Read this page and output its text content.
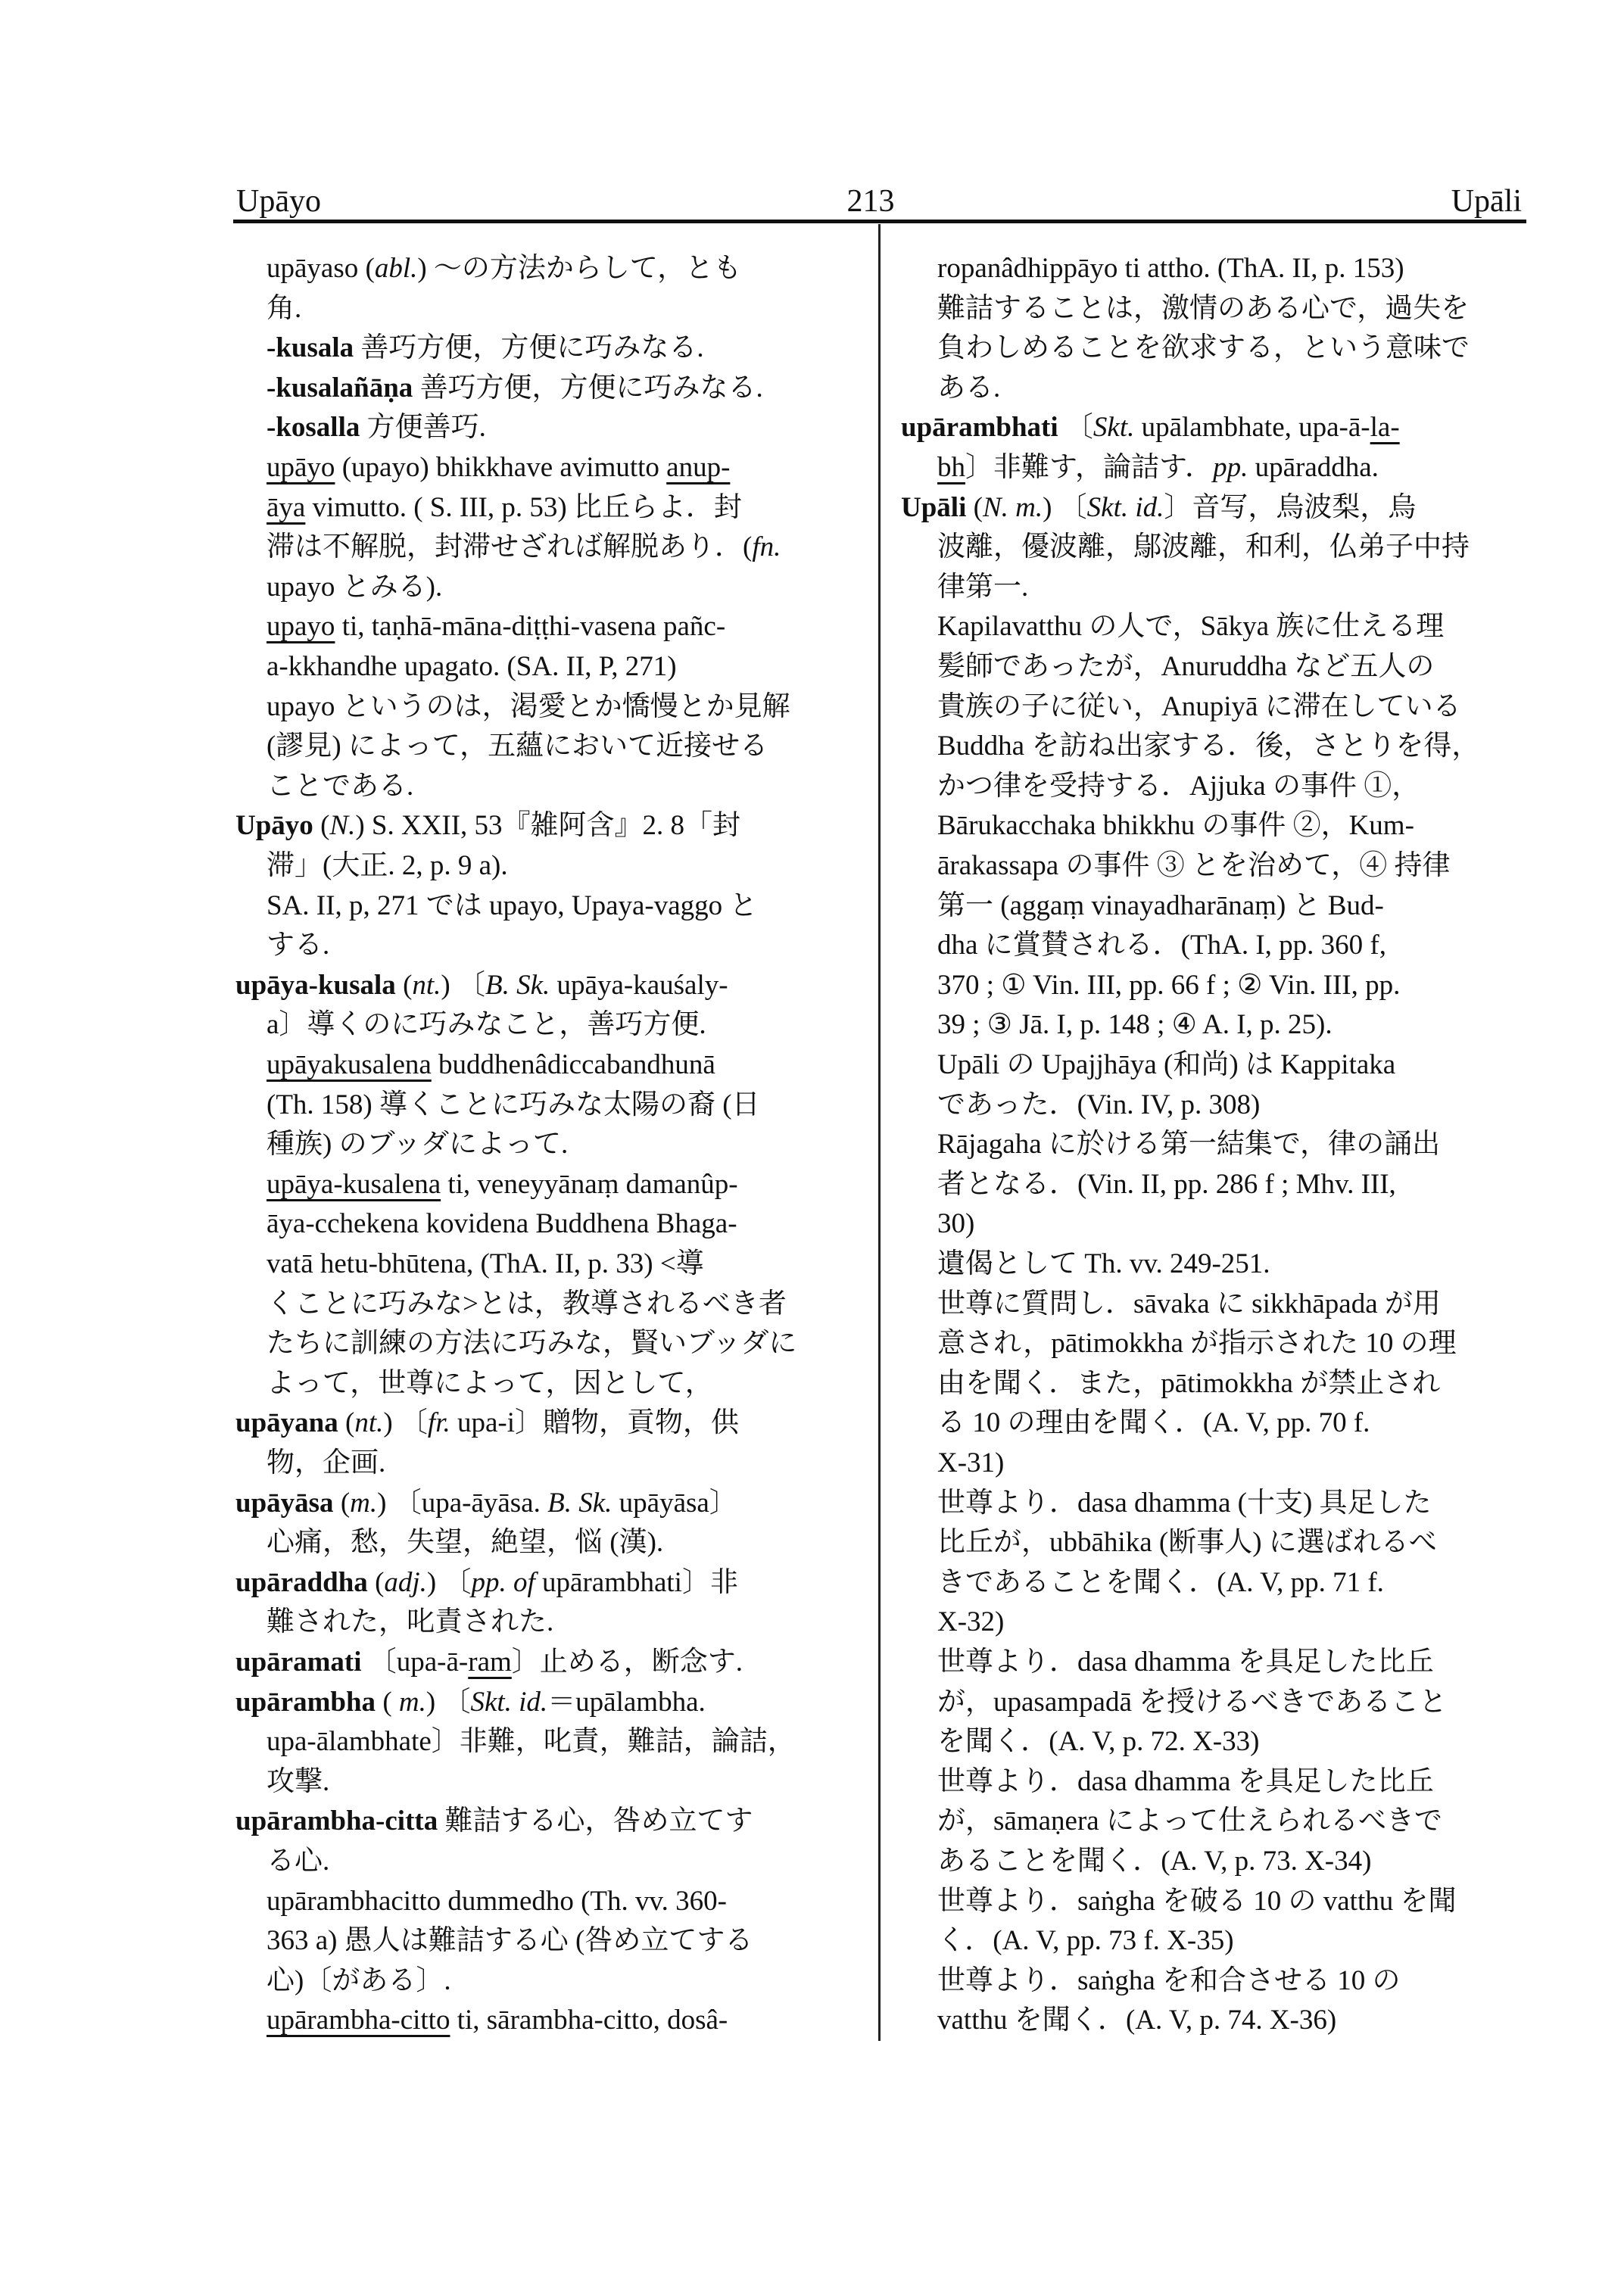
Upāyo	213	Upāli
upāyaso (abl.) ～の方法からして，とも
角.
-kusala 善巧方便，方便に巧みなる.
-kusalañāṇa 善巧方便，方便に巧みなる.
-kosalla 方便善巧.
upāyo (upayo) bhikkhave avimutto anup-
āya vimutto. ( S. III, p. 53) 比丘らよ．封
滞は不解脱，封滞せざれば解脱あり．(fn.
upayo とみる).
upayo ti, taṇhā-māna-diṭṭhi-vasena pañc-
a-kkhandhe upagato. (SA. II, P, 271)
upayo というのは，渇愛とか憍慢とか見解
(謬見) によって，五蘊において近接せる
ことである.
Upāyo (N.) S. XXII, 53『雑阿含』2. 8「封
滞」(大正. 2, p. 9 a).
SA. II, p, 271 では upayo, Upaya-vaggo と
する.
upāya-kusala (nt.) 〔B. Sk. upāya-kauśaly-
a〕導くのに巧みなこと，善巧方便.
upāyakusalena buddhenâdiccabandhunā
(Th. 158) 導くことに巧みな太陽の裔 (日
種族) のブッダによって.
upāya-kusalena ti, veneyyānaṃ damanûp-
āya-cchekena kovidena Buddhena Bhaga-
vatā hetu-bhūtena, (ThA. II, p. 33) <導
くことに巧みな>とは，教導されるべき者
たちに訓練の方法に巧みな，賢いブッダに
よって，世尊によって，因として，
upāyana (nt.) 〔fr. upa-i〕贈物，貢物，供
物，企画.
upāyāsa (m.) 〔upa-āyāsa. B. Sk. upāyāsa〕
心痛，愁，失望，絶望，悩 (漢).
upāraddha (adj.) 〔pp. of upārambhati〕非
難された，叱責された.
upāramati 〔upa-ā-ram〕止める，断念す.
upārambha ( m.) 〔Skt. id.＝upālambha.
upa-ālambhate〕非難，叱責，難詰，論詰，
攻撃.
upārambha-citta 難詰する心，咎め立てす
る心.
upārambhacitto dummedho (Th. vv. 360-
363 a) 愚人は難詰する心 (咎め立てする
心)〔がある〕.
upārambha-citto ti, sārambha-citto, dosâ-
ropanâdhippāyo ti attho. (ThA. II, p. 153)
難詰することは，激情のある心で，過失を
負わしめることを欲求する，という意味で
ある.
upārambhati 〔Skt. upālambhate, upa-ā-la-
bh〕非難す，論詰す．pp. upāraddha.
Upāli (N. m.) 〔Skt. id.〕音写，烏波梨，烏
波離，優波離，鄔波離，和利，仏弟子中持
律第一.
Kapilavatthu の人で，Sākya 族に仕える理
髪師であったが，Anuruddha など五人の
貴族の子に従い，Anupiyā に滞在している
Buddha を訪ね出家する．後，さとりを得，
かつ律を受持する．Ajjuka の事件 ①，
Bārukacchaka bhikkhu の事件 ②，Kum-
ārakassapa の事件 ③ とを治めて，④ 持律
第一 (aggaṃ vinayadharānaṃ) と Bud-
dha に賞賛される．(ThA. I, pp. 360 f,
370 ; ① Vin. III, pp. 66 f ; ② Vin. III, pp.
39 ; ③ Jā. I, p. 148 ; ④ A. I, p. 25).
Upāli の Upajjhāya (和尚) は Kappitaka
であった．(Vin. IV, p. 308)
Rājagaha に於ける第一結集で，律の誦出
者となる．(Vin. II, pp. 286 f ; Mhv. III,
30)
遺偈として Th. vv. 249-251.
世尊に質問し．sāvaka に sikkhāpada が用
意され，pātimokkha が指示された 10 の理
由を聞く．また，pātimokkha が禁止され
る 10 の理由を聞く．(A. V, pp. 70 f.
X-31)
世尊より．dasa dhamma (十支) 具足した
比丘が，ubbāhika (断事人) に選ばれるべ
きであることを聞く．(A. V, pp. 71 f.
X-32)
世尊より．dasa dhamma を具足した比丘
が，upasampadā を授けるべきであること
を聞く．(A. V, p. 72. X-33)
世尊より．dasa dhamma を具足した比丘
が，sāmaṇera によって仕えられるべきで
あることを聞く．(A. V, p. 73. X-34)
世尊より．saṅgha を破る 10 の vatthu を聞
く．(A. V, pp. 73 f. X-35)
世尊より．saṅgha を和合させる 10 の
vatthu を聞く．(A. V, p. 74. X-36)
